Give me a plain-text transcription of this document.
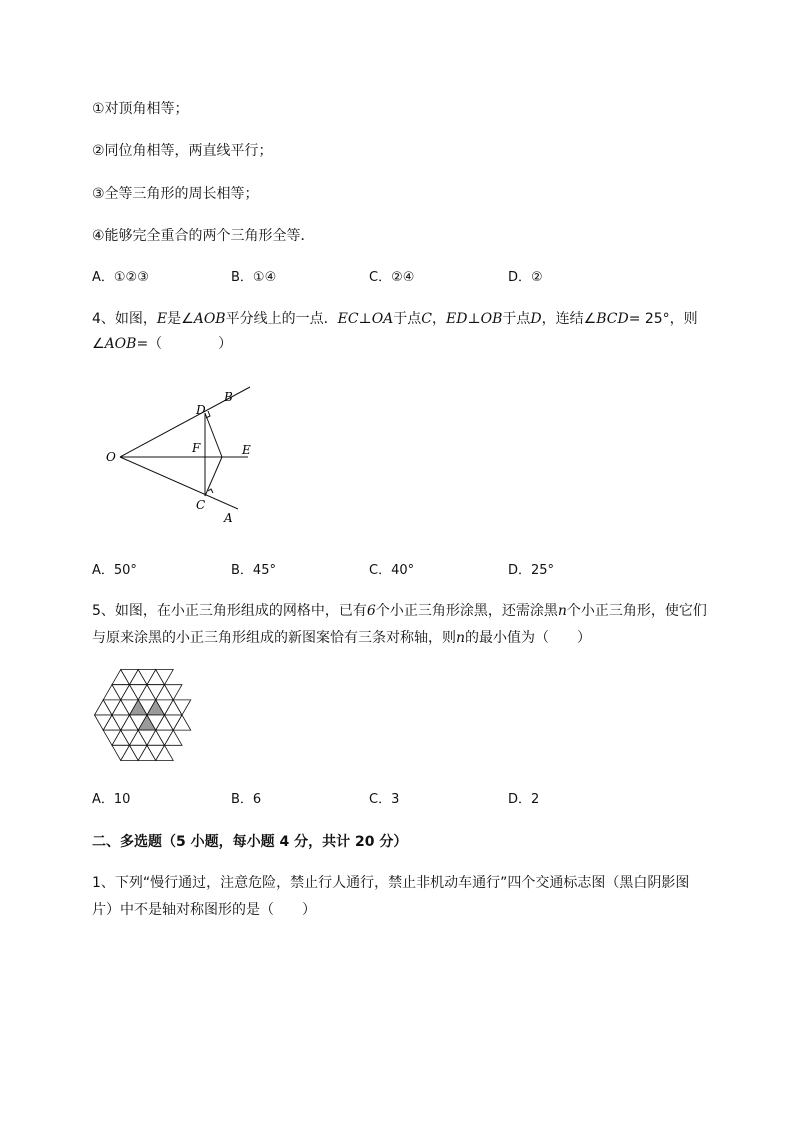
①对顶角相等；
②同位角相等，两直线平行；
③全等三角形的周长相等；
④能够完全重合的两个三角形全等．
A．①②③	B．①④	C．②④	D．②
4、如图，E是∠AOB平分线上的一点．EC⊥OA于点C，ED⊥OB于点D，连结∠BCD= 25°，则
∠AOB=（　　　　）
O
B
D
F	E
C
A
A．50°	B．45°	C．40°	D．25°
5、如图，在小正三角形组成的网格中，已有6个小正三角形涂黑，还需涂黑n个小正三角形，使它们
与原来涂黑的小正三角形组成的新图案恰有三条对称轴，则n的最小值为（　　）
A．10	B．6	C．3	D．2
二、多选题（5 小题，每小题 4 分，共计 20 分）
1、下列“慢行通过，注意危险，禁止行人通行，禁止非机动车通行”四个交通标志图（黑白阴影图
片）中不是轴对称图形的是（　　）
